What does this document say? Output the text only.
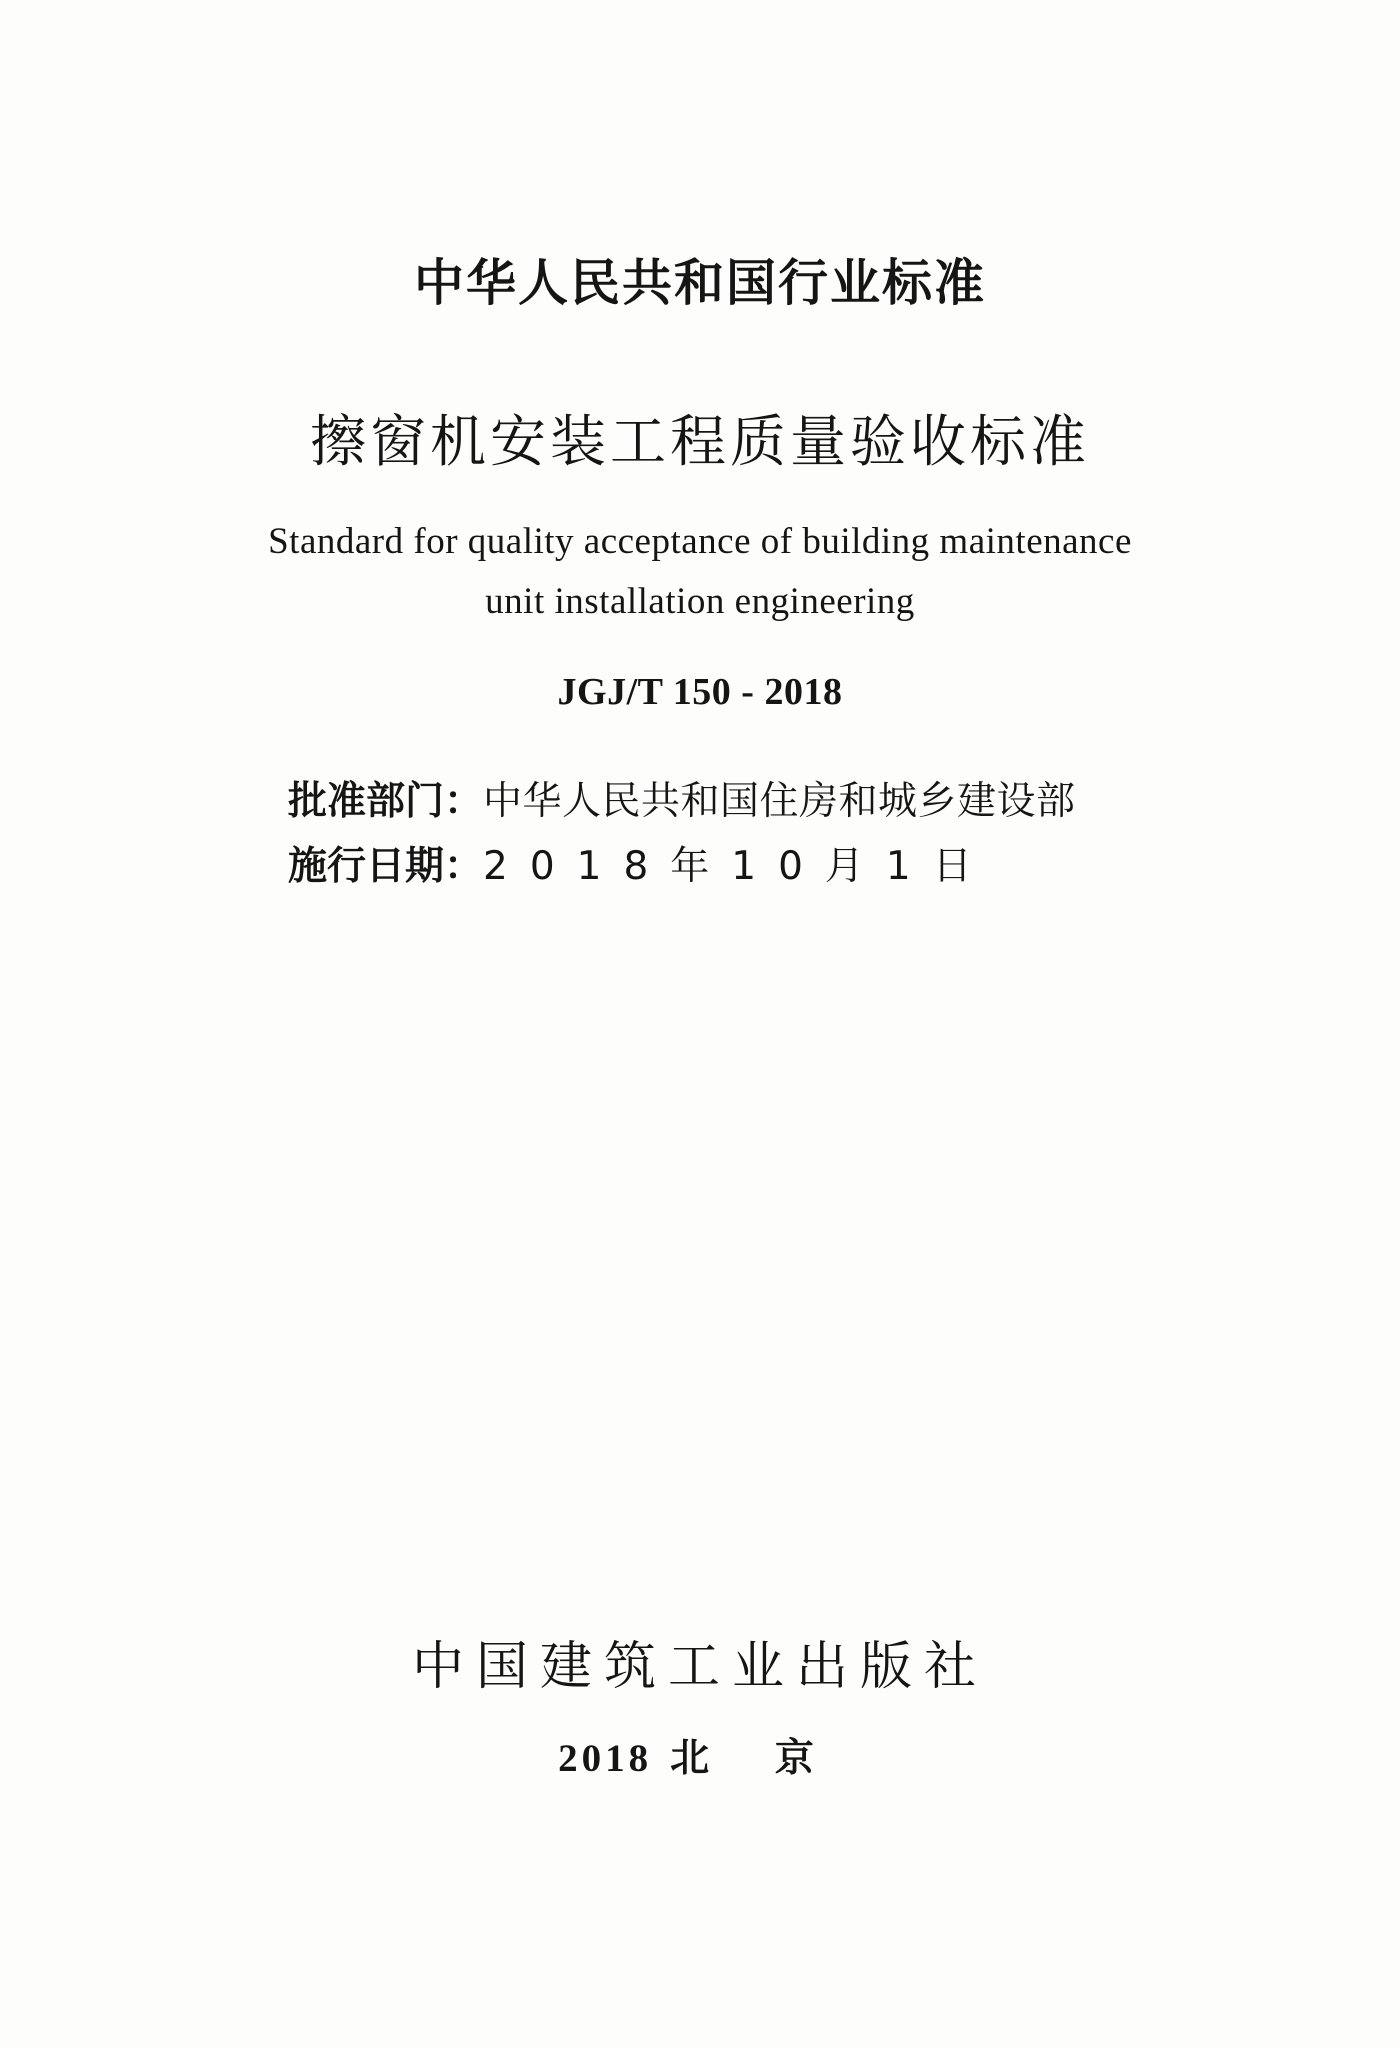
中华人民共和国行业标准
擦窗机安装工程质量验收标准
Standard for quality acceptance of building maintenance
unit installation engineering
JGJ/T 150 - 2018
批准部门：中华人民共和国住房和城乡建设部
施行日期：2018年10月1日
中国建筑工业出版社
2018 北 京
